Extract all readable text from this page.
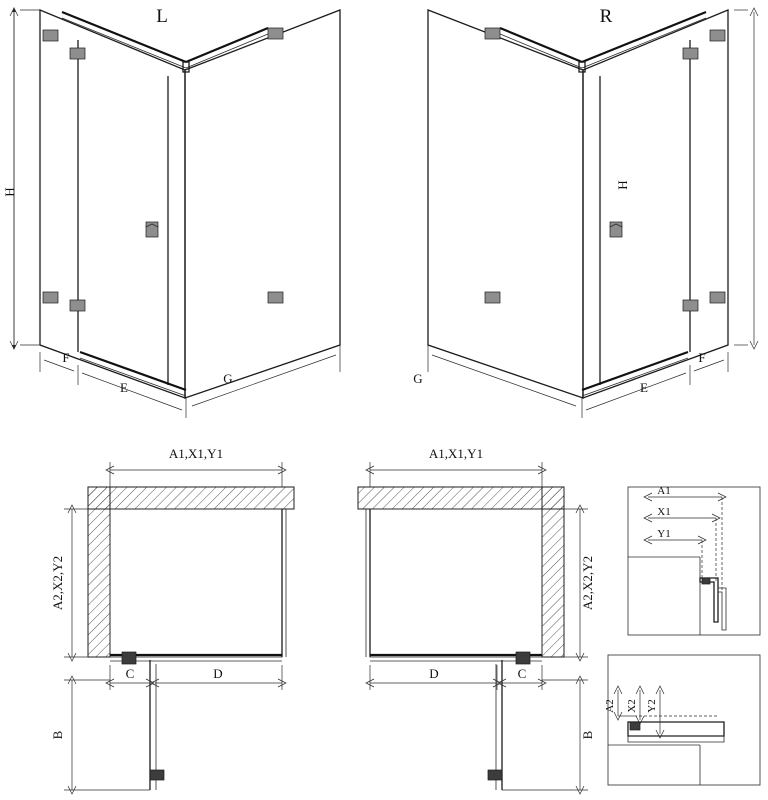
L
H
F
E
G
R
H
F
E
G
A1,X1,Y1
A2,X2,Y2
B
C	D
A1,X1,Y1
A2,X2,Y2
B
D	C
A1
X1
Y1
A2 X2 Y2
